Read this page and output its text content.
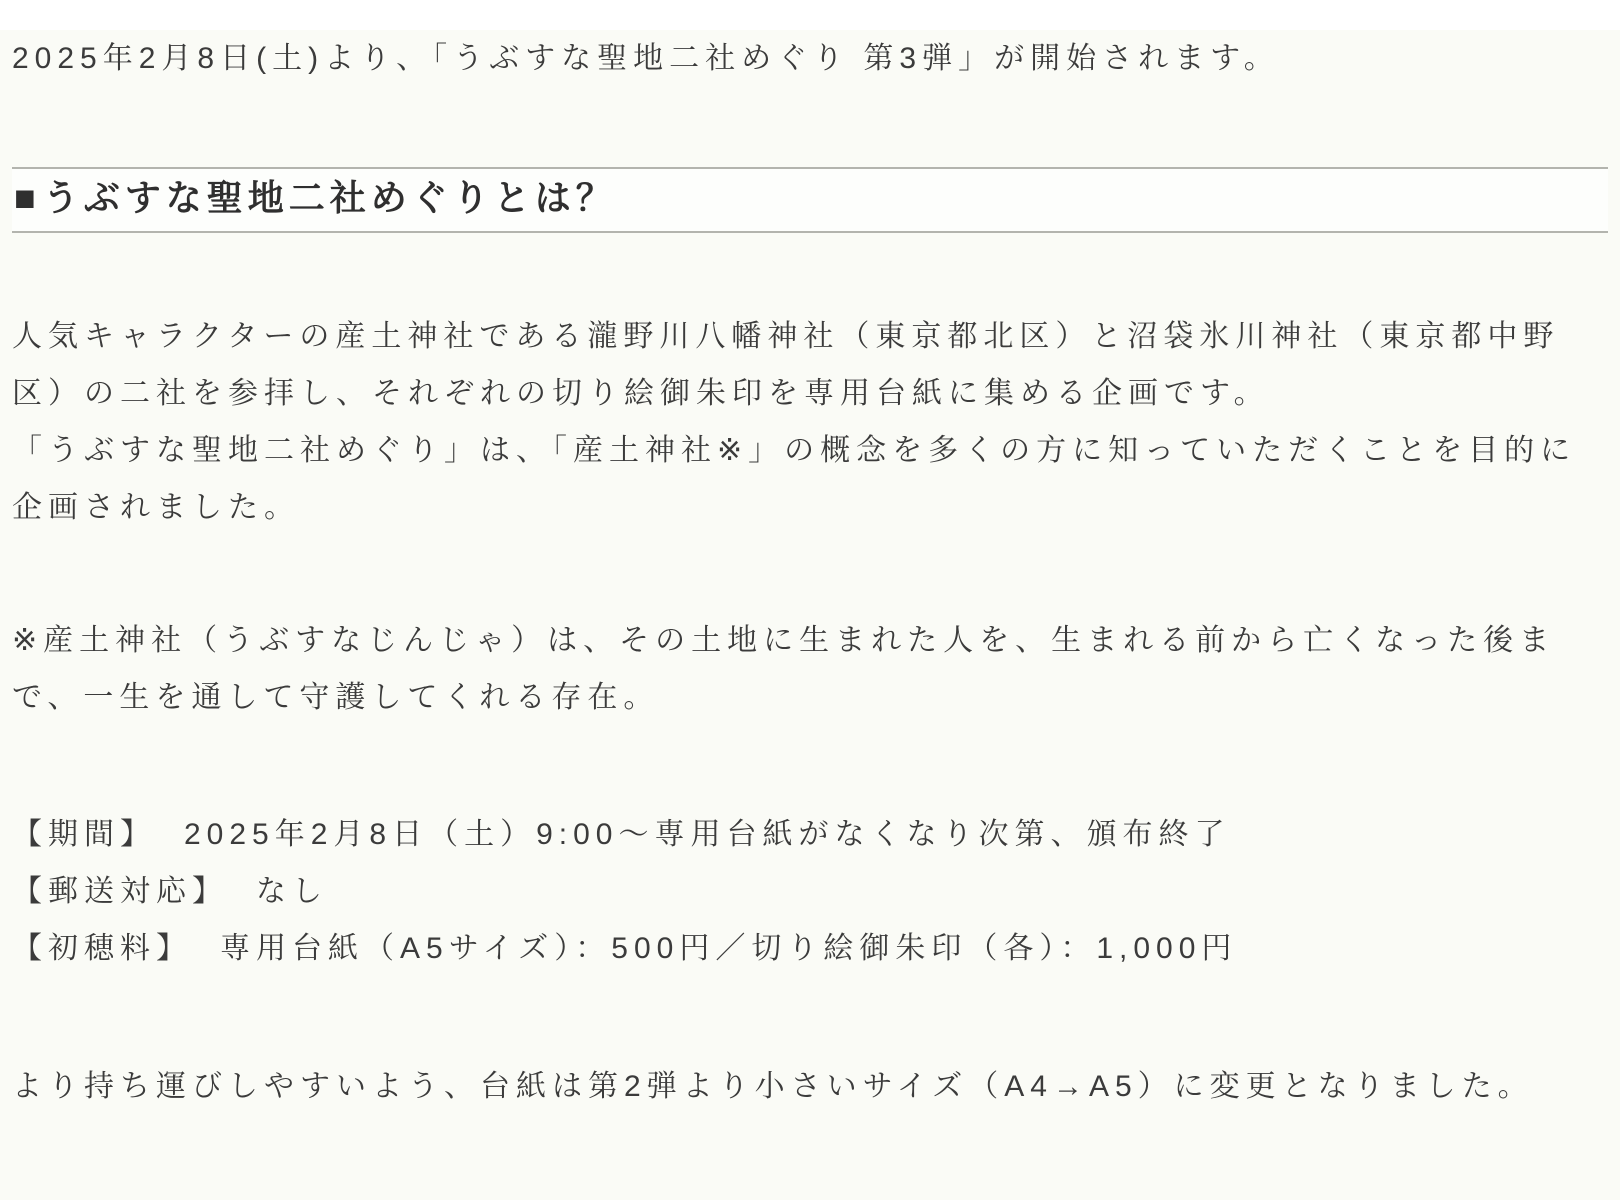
2025年2月8日(土)より、「うぶすな聖地二社めぐり 第3弾」が開始されます。

■うぶすな聖地二社めぐりとは？

人気キャラクターの産土神社である瀧野川八幡神社（東京都北区）と沼袋氷川神社（東京都中野区）の二社を参拝し、それぞれの切り絵御朱印を専用台紙に集める企画です。
「うぶすな聖地二社めぐり」は、「産土神社※」の概念を多くの方に知っていただくことを目的に企画されました。

※産土神社（うぶすなじんじゃ）は、その土地に生まれた人を、生まれる前から亡くなった後まで、一生を通して守護してくれる存在。

【期間】 2025年2月8日（土）9:00～専用台紙がなくなり次第、頒布終了
【郵送対応】 なし
【初穂料】 専用台紙（A5サイズ）：500円／切り絵御朱印（各）：1,000円

より持ち運びしやすいよう、台紙は第2弾より小さいサイズ（A4→A5）に変更となりました。
